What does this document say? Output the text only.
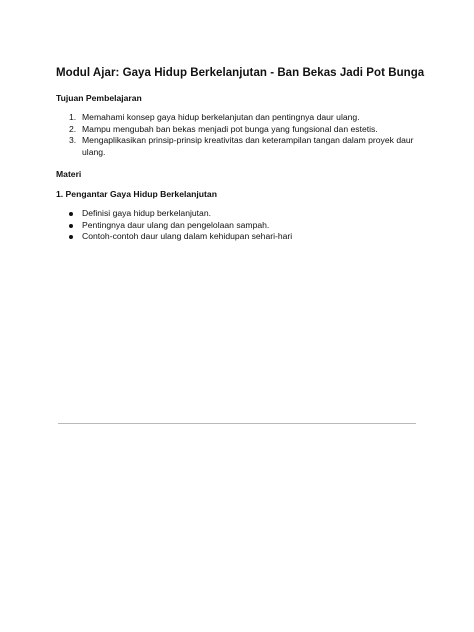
Modul Ajar: Gaya Hidup Berkelanjutan - Ban Bekas Jadi Pot Bunga
Tujuan Pembelajaran
1. Memahami konsep gaya hidup berkelanjutan dan pentingnya daur ulang.
2. Mampu mengubah ban bekas menjadi pot bunga yang fungsional dan estetis.
3. Mengaplikasikan prinsip-prinsip kreativitas dan keterampilan tangan dalam proyek daur ulang.
Materi
1. Pengantar Gaya Hidup Berkelanjutan
Definisi gaya hidup berkelanjutan.
Pentingnya daur ulang dan pengelolaan sampah.
Contoh-contoh daur ulang dalam kehidupan sehari-hari
